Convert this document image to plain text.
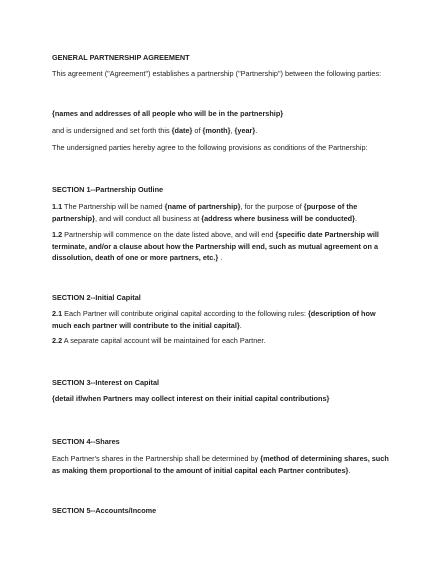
GENERAL PARTNERSHIP AGREEMENT

This agreement ("Agreement") establishes a partnership ("Partnership") between the following parties:

{names and addresses of all people who will be in the partnership}

and is undersigned and set forth this {date} of {month}, {year}.

The undersigned parties hereby agree to the following provisions as conditions of the Partnership:

SECTION 1--Partnership Outline

1.1 The Partnership will be named {name of partnership}, for the purpose of {purpose of the partnership}, and will conduct all business at {address where business will be conducted}.

1.2 Partnership will commence on the date listed above, and will end {specific date Partnership will terminate, and/or a clause about how the Partnership will end, such as mutual agreement on a dissolution, death of one or more partners, etc.} .

SECTION 2--Initial Capital

2.1 Each Partner will contribute original capital according to the following rules: {description of how much each partner will contribute to the initial capital}.

2.2 A separate capital account will be maintained for each Partner.

SECTION 3--Interest on Capital

{detail if/when Partners may collect interest on their initial capital contributions}

SECTION 4--Shares

Each Partner's shares in the Partnership shall be determined by {method of determining shares, such as making them proportional to the amount of initial capital each Partner contributes}.

SECTION 5--Accounts/Income
